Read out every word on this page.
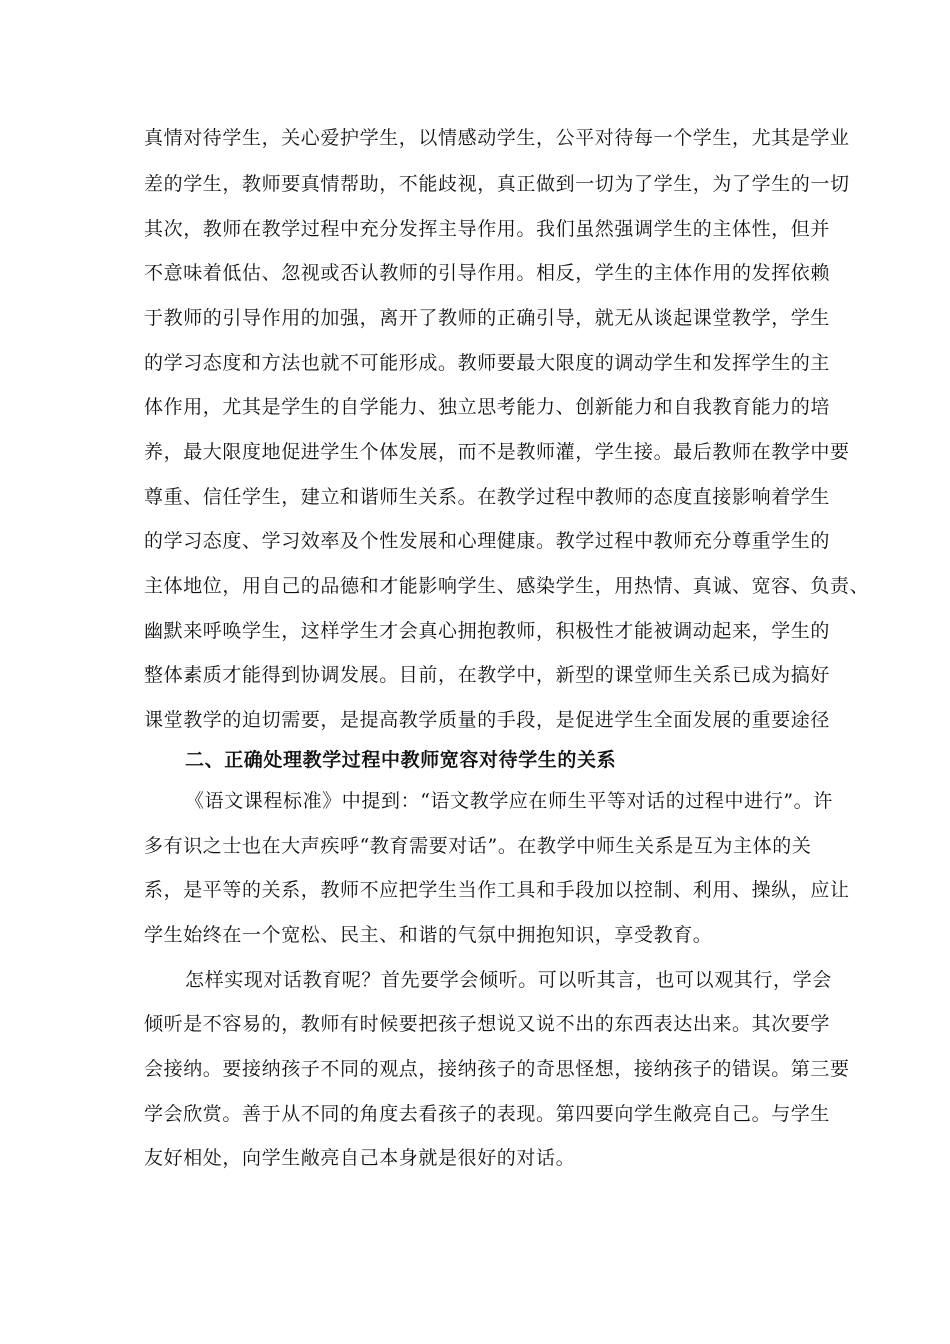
真情对待学生，关心爱护学生，以情感动学生，公平对待每一个学生，尤其是学业
差的学生，教师要真情帮助，不能歧视，真正做到一切为了学生，为了学生的一切
其次，教师在教学过程中充分发挥主导作用。我们虽然强调学生的主体性，但并
不意味着低估、忽视或否认教师的引导作用。相反，学生的主体作用的发挥依赖
于教师的引导作用的加强，离开了教师的正确引导，就无从谈起课堂教学，学生
的学习态度和方法也就不可能形成。教师要最大限度的调动学生和发挥学生的主
体作用，尤其是学生的自学能力、独立思考能力、创新能力和自我教育能力的培
养，最大限度地促进学生个体发展，而不是教师灌，学生接。最后教师在教学中要
尊重、信任学生，建立和谐师生关系。在教学过程中教师的态度直接影响着学生
的学习态度、学习效率及个性发展和心理健康。教学过程中教师充分尊重学生的
主体地位，用自己的品德和才能影响学生、感染学生，用热情、真诚、宽容、负责、
幽默来呼唤学生，这样学生才会真心拥抱教师，积极性才能被调动起来，学生的
整体素质才能得到协调发展。目前，在教学中，新型的课堂师生关系已成为搞好
课堂教学的迫切需要，是提高教学质量的手段，是促进学生全面发展的重要途径
二、正确处理教学过程中教师宽容对待学生的关系
《语文课程标准》中提到：“语文教学应在师生平等对话的过程中进行”。许
多有识之士也在大声疾呼“教育需要对话”。在教学中师生关系是互为主体的关
系，是平等的关系，教师不应把学生当作工具和手段加以控制、利用、操纵，应让
学生始终在一个宽松、民主、和谐的气氛中拥抱知识，享受教育。
怎样实现对话教育呢？首先要学会倾听。可以听其言，也可以观其行，学会
倾听是不容易的，教师有时候要把孩子想说又说不出的东西表达出来。其次要学
会接纳。要接纳孩子不同的观点，接纳孩子的奇思怪想，接纳孩子的错误。第三要
学会欣赏。善于从不同的角度去看孩子的表现。第四要向学生敞亮自己。与学生
友好相处，向学生敞亮自己本身就是很好的对话。
